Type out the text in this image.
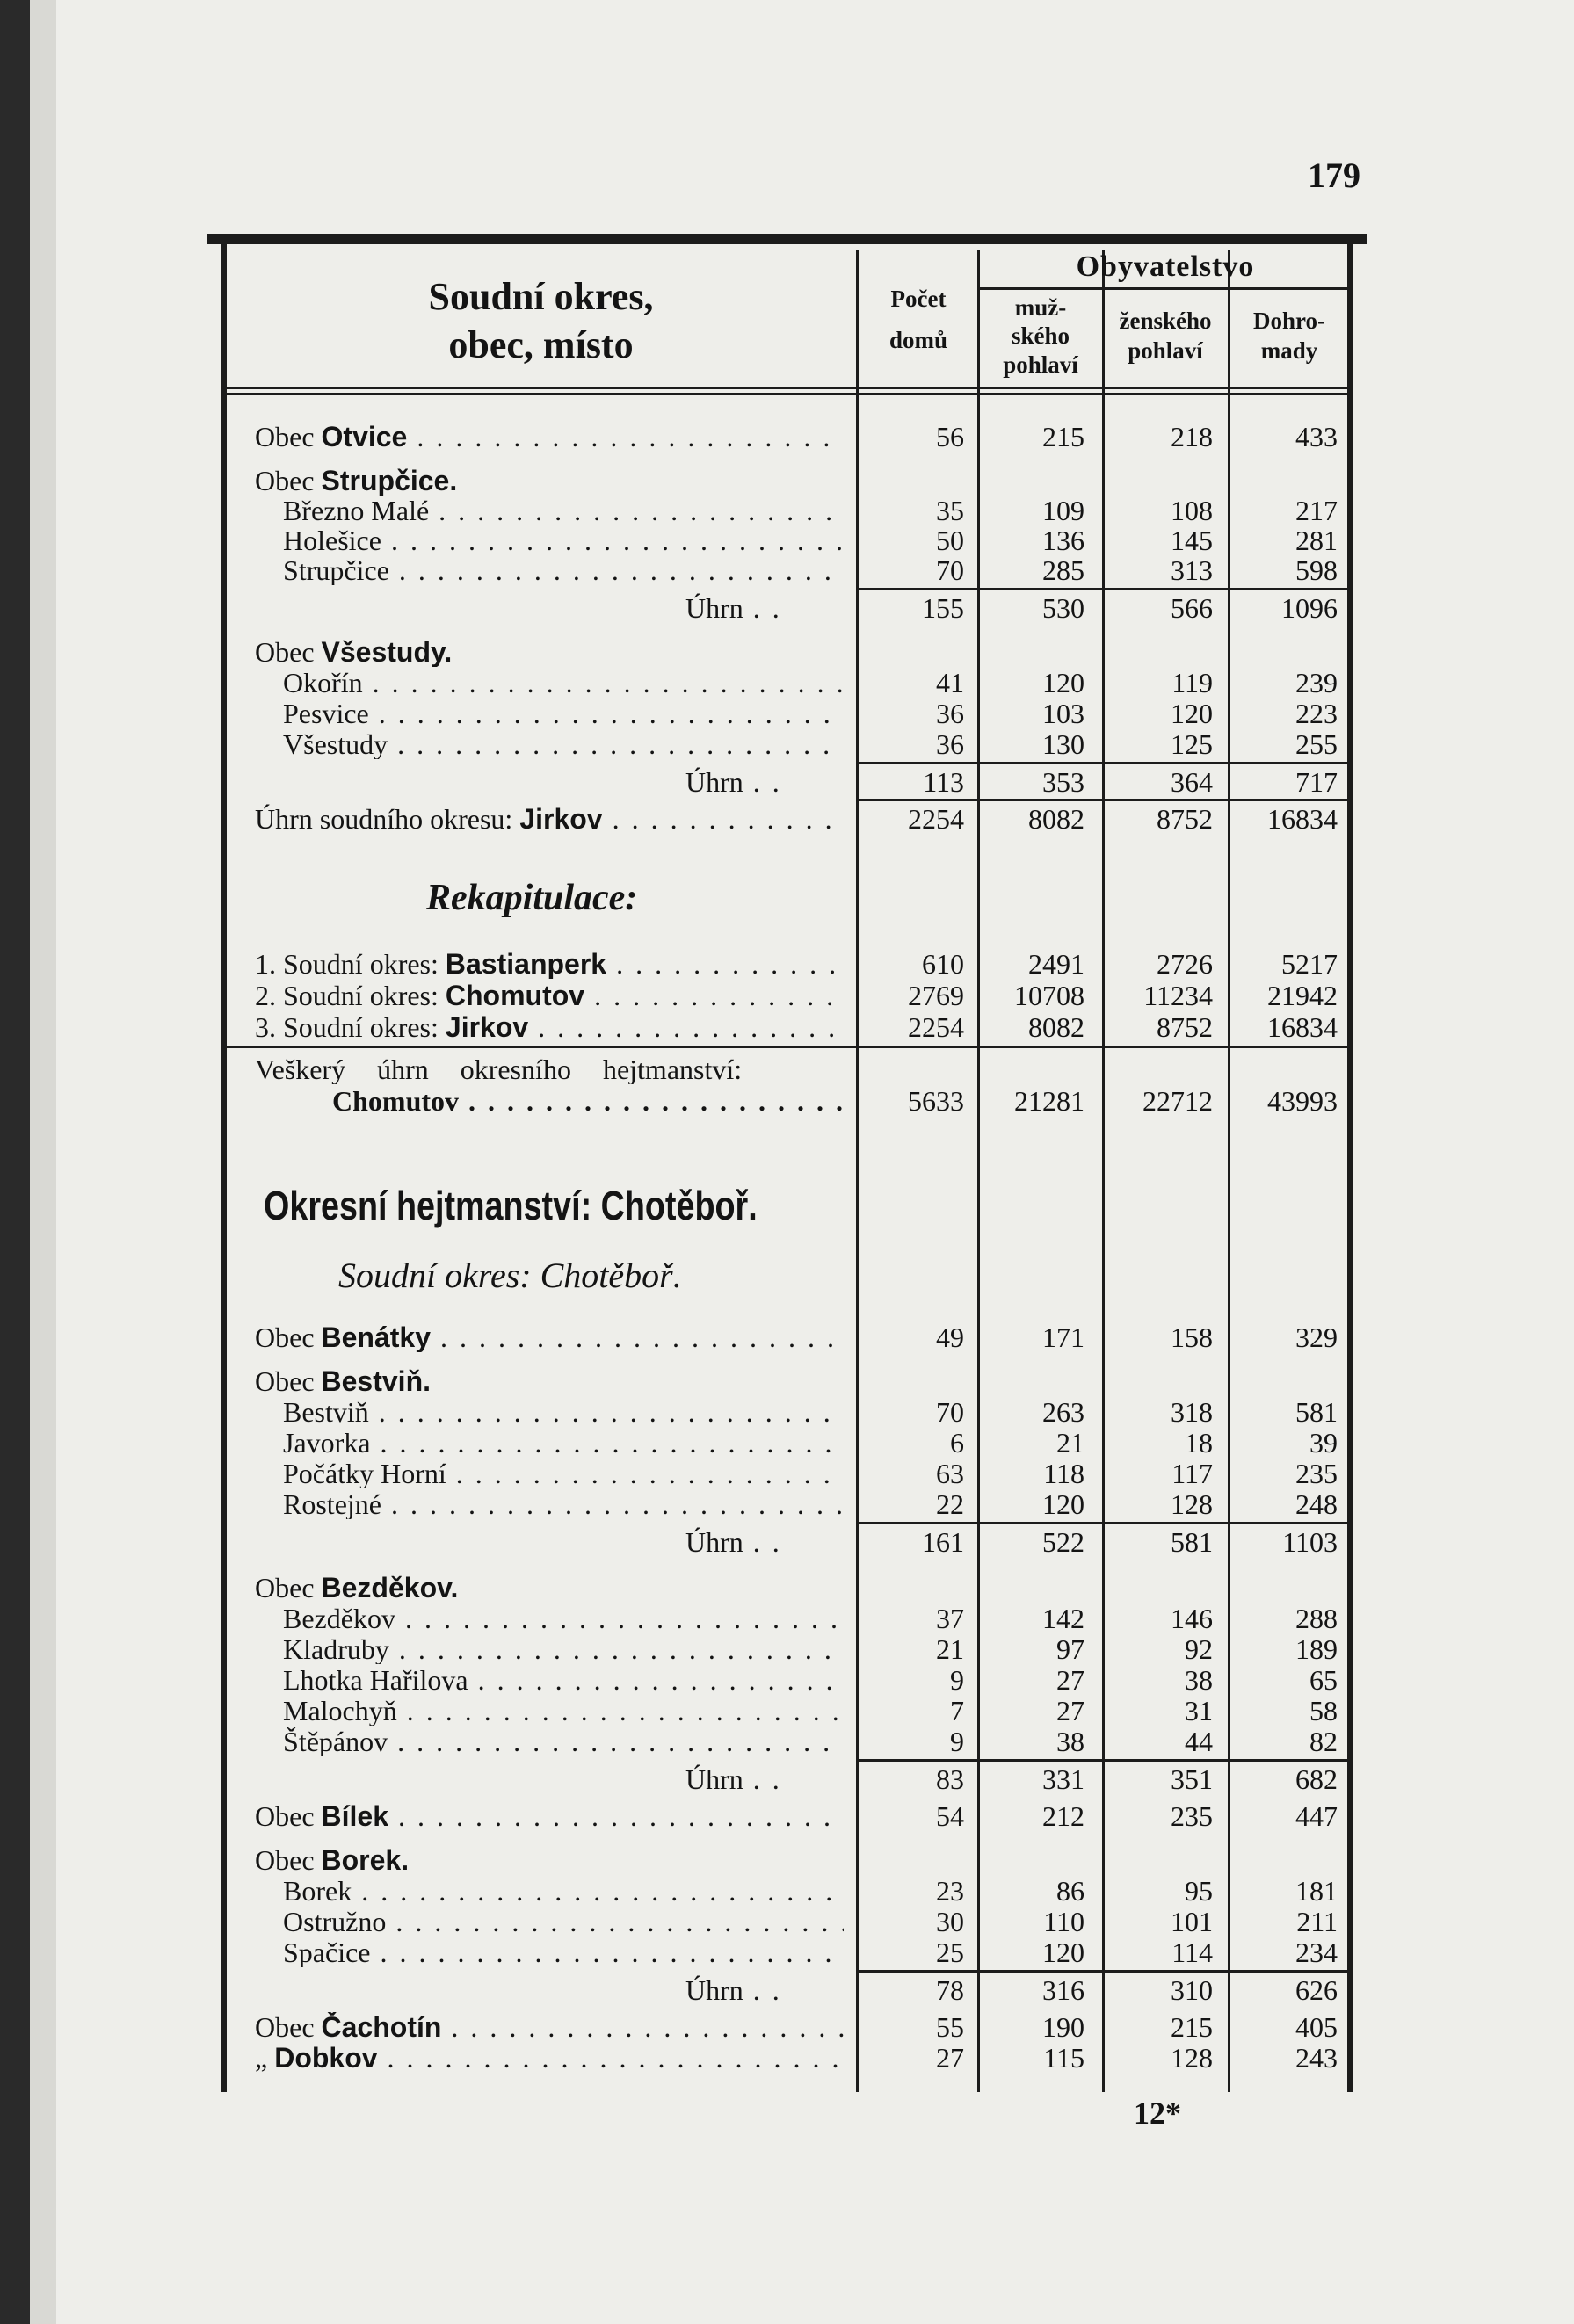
179
Soudní okres,
obec, místo
Počet
domů
Obyvatelstvo
muž-
ského
pohlaví
ženského
pohlaví
Dohro-
mady
Obec Otvice . . .	56	215	218	433
Obec Strupčice.
Březno Malé . . .	35	109	108	217
Holešice . . .	50	136	145	281
Strupčice . . .	70	285	313	598
Úhrn . .	155	530	566	1096
Obec Všestudy.
Okořín . . .	41	120	119	239
Pesvice . . .	36	103	120	223
Všestudy . . .	36	130	125	255
Úhrn . .	113	353	364	717
Úhrn soudního okresu: Jirkov . . .	2254	8082	8752	16834
Rekapitulace:
1. Soudní okres: Bastianperk . . .	610	2491	2726	5217
2. Soudní okres: Chomutov . . .	2769	10708	11234	21942
3. Soudní okres: Jirkov . . .	2254	8082	8752	16834
Veškerý úhrn okresního hejtmanství:
Chomutov . . .	5633	21281	22712	43993
Okresní hejtmanství: Chotěboř.
Soudní okres: Chotěboř.
Obec Benátky . . .	49	171	158	329
Obec Bestviň.
Bestviň . . .	70	263	318	581
Javorka . . .	6	21	18	39
Počátky Horní . . .	63	118	117	235
Rostejné . . .	22	120	128	248
Úhrn . .	161	522	581	1103
Obec Bezděkov.
Bezděkov . . .	37	142	146	288
Kladruby . . .	21	97	92	189
Lhotka Hařilova . . .	9	27	38	65
Malochyň . . .	7	27	31	58
Štěpánov . . .	9	38	44	82
Úhrn . .	83	331	351	682
Obec Bílek . . .	54	212	235	447
Obec Borek.
Borek . . .	23	86	95	181
Ostružno . . .	30	110	101	211
Spačice . . .	25	120	114	234
Úhrn . .	78	316	310	626
Obec Čachotín . . .	55	190	215	405
„ Dobkov . . .	27	115	128	243
12*
